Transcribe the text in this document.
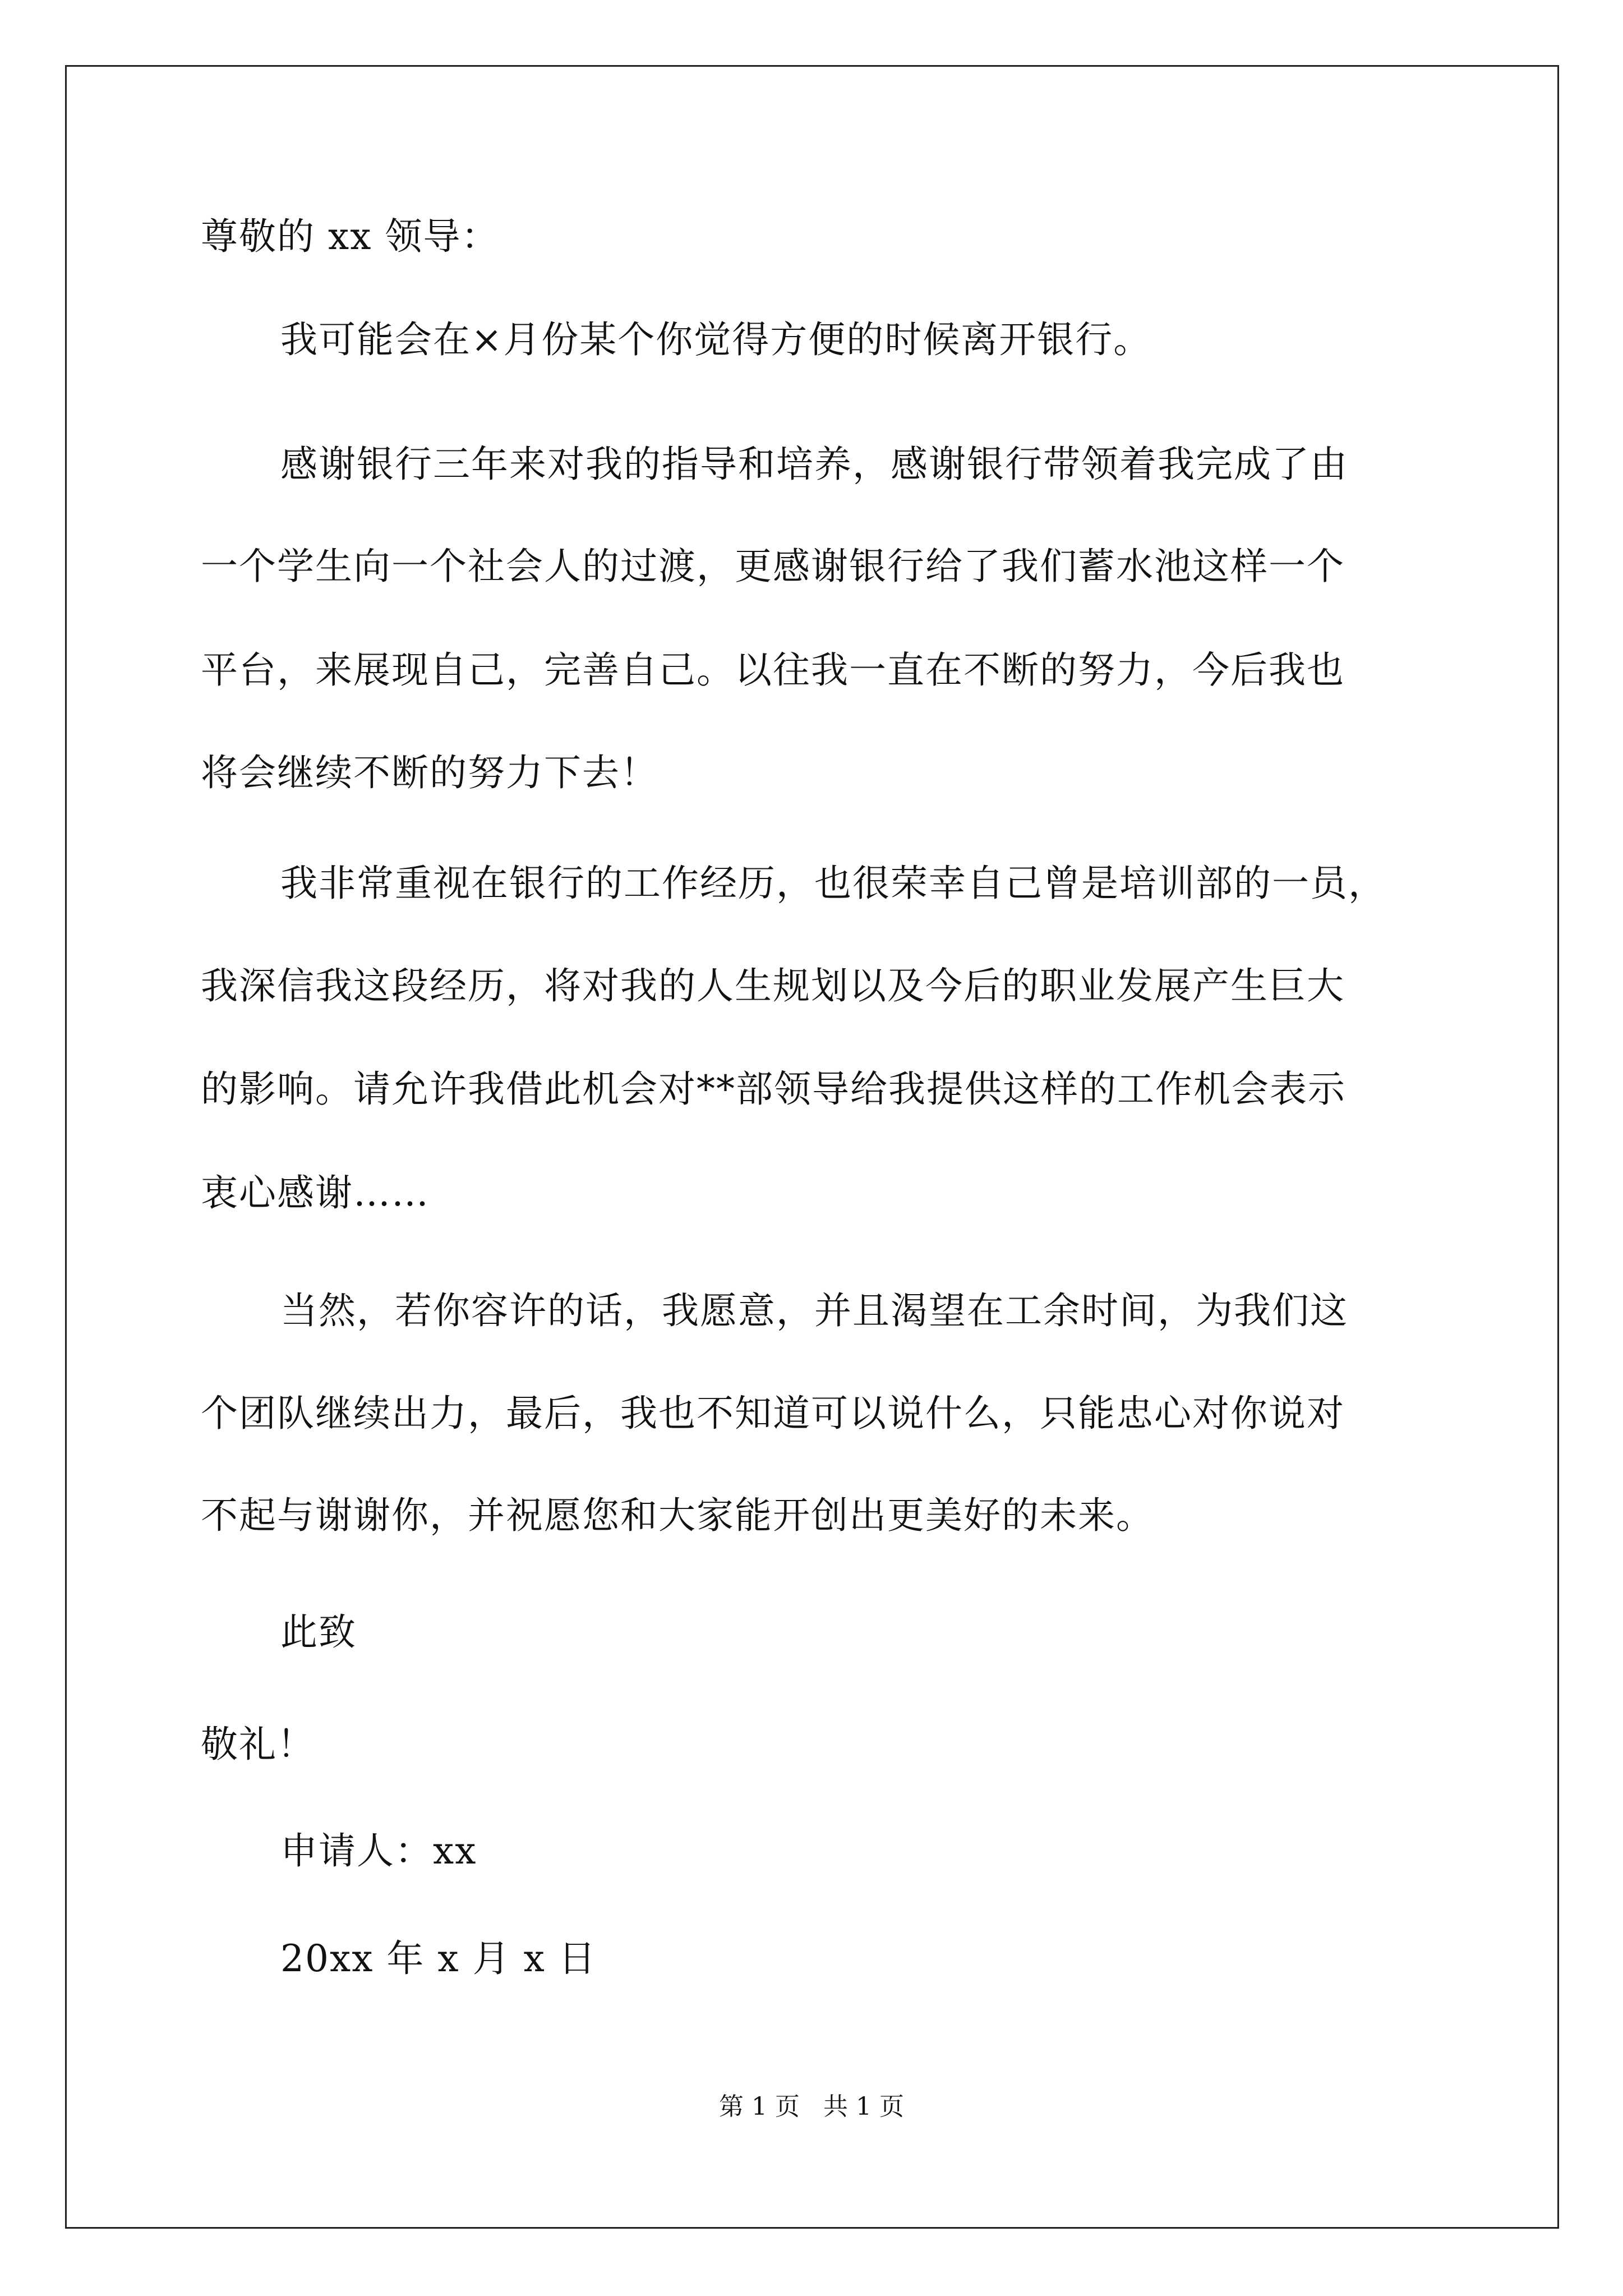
尊敬的 xx 领导：
我可能会在×月份某个你觉得方便的时候离开银行。
感谢银行三年来对我的指导和培养，感谢银行带领着我完成了由
一个学生向一个社会人的过渡，更感谢银行给了我们蓄水池这样一个
平台，来展现自己，完善自己。以往我一直在不断的努力，今后我也
将会继续不断的努力下去！
我非常重视在银行的工作经历，也很荣幸自己曾是培训部的一员，
我深信我这段经历，将对我的人生规划以及今后的职业发展产生巨大
的影响。请允许我借此机会对**部领导给我提供这样的工作机会表示
衷心感谢……
当然，若你容许的话，我愿意，并且渴望在工余时间，为我们这
个团队继续出力，最后，我也不知道可以说什么，只能忠心对你说对
不起与谢谢你，并祝愿您和大家能开创出更美好的未来。
此致
敬礼！
申请人：xx
20xx 年 x 月 x 日
第 1 页   共 1 页
